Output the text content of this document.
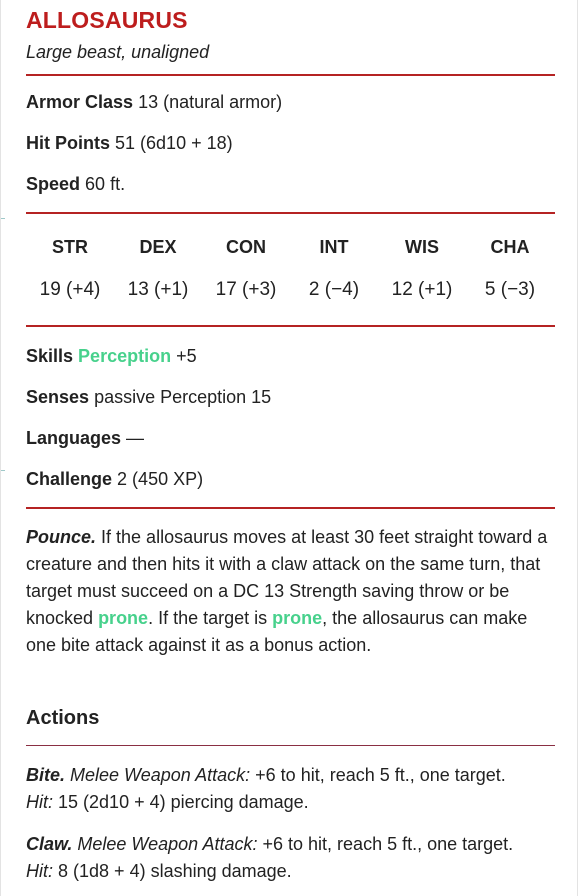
ALLOSAURUS
Large beast, unaligned
Armor Class 13 (natural armor)
Hit Points 51 (6d10 + 18)
Speed 60 ft.
STR	DEX	CON	INT	WIS	CHA
19 (+4)	13 (+1)	17 (+3)	2 (−4)	12 (+1)	5 (−3)
Skills Perception +5
Senses passive Perception 15
Languages —
Challenge 2 (450 XP)
Pounce. If the allosaurus moves at least 30 feet straight toward a creature and then hits it with a claw attack on the same turn, that target must succeed on a DC 13 Strength saving throw or be knocked prone. If the target is prone, the allosaurus can make one bite attack against it as a bonus action.
Actions
Bite. Melee Weapon Attack: +6 to hit, reach 5 ft., one target.
Hit: 15 (2d10 + 4) piercing damage.
Claw. Melee Weapon Attack: +6 to hit, reach 5 ft., one target.
Hit: 8 (1d8 + 4) slashing damage.
